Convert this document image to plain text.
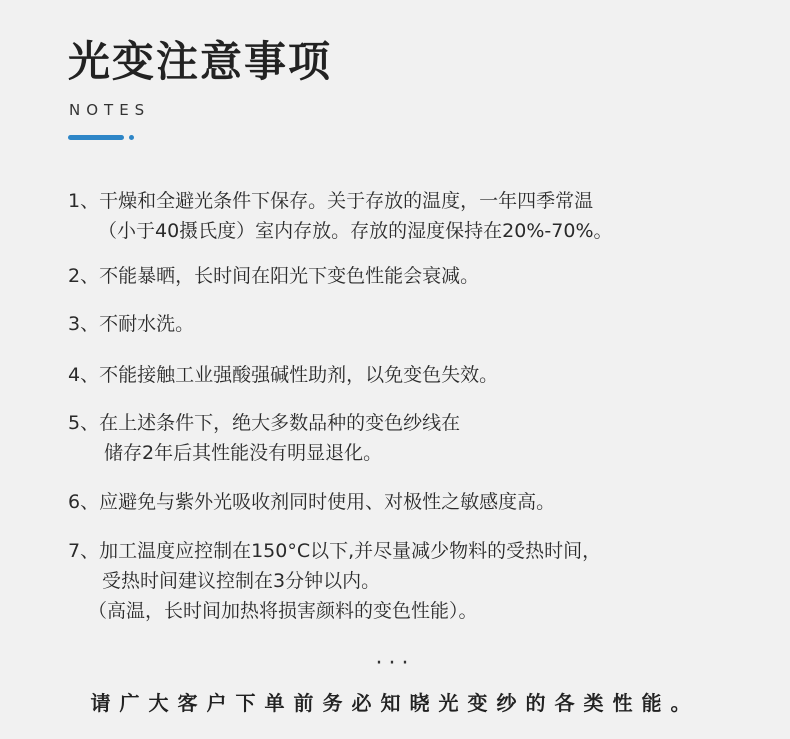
光变注意事项
NOTES
1、干燥和全避光条件下保存。关于存放的温度，一年四季常温
（小于40摄氏度）室内存放。存放的湿度保持在20%-70%。
2、不能暴晒，长时间在阳光下变色性能会衰减。
3、不耐水洗。
4、不能接触工业强酸强碱性助剂，以免变色失效。
5、在上述条件下，绝大多数品种的变色纱线在
储存2年后其性能没有明显退化。
6、应避免与紫外光吸收剂同时使用、对极性之敏感度高。
7、加工温度应控制在150°C以下,并尽量减少物料的受热时间，
受热时间建议控制在3分钟以内。
（高温，长时间加热将损害颜料的变色性能）。
···
请广大客户下单前务必知晓光变纱的各类性能。
